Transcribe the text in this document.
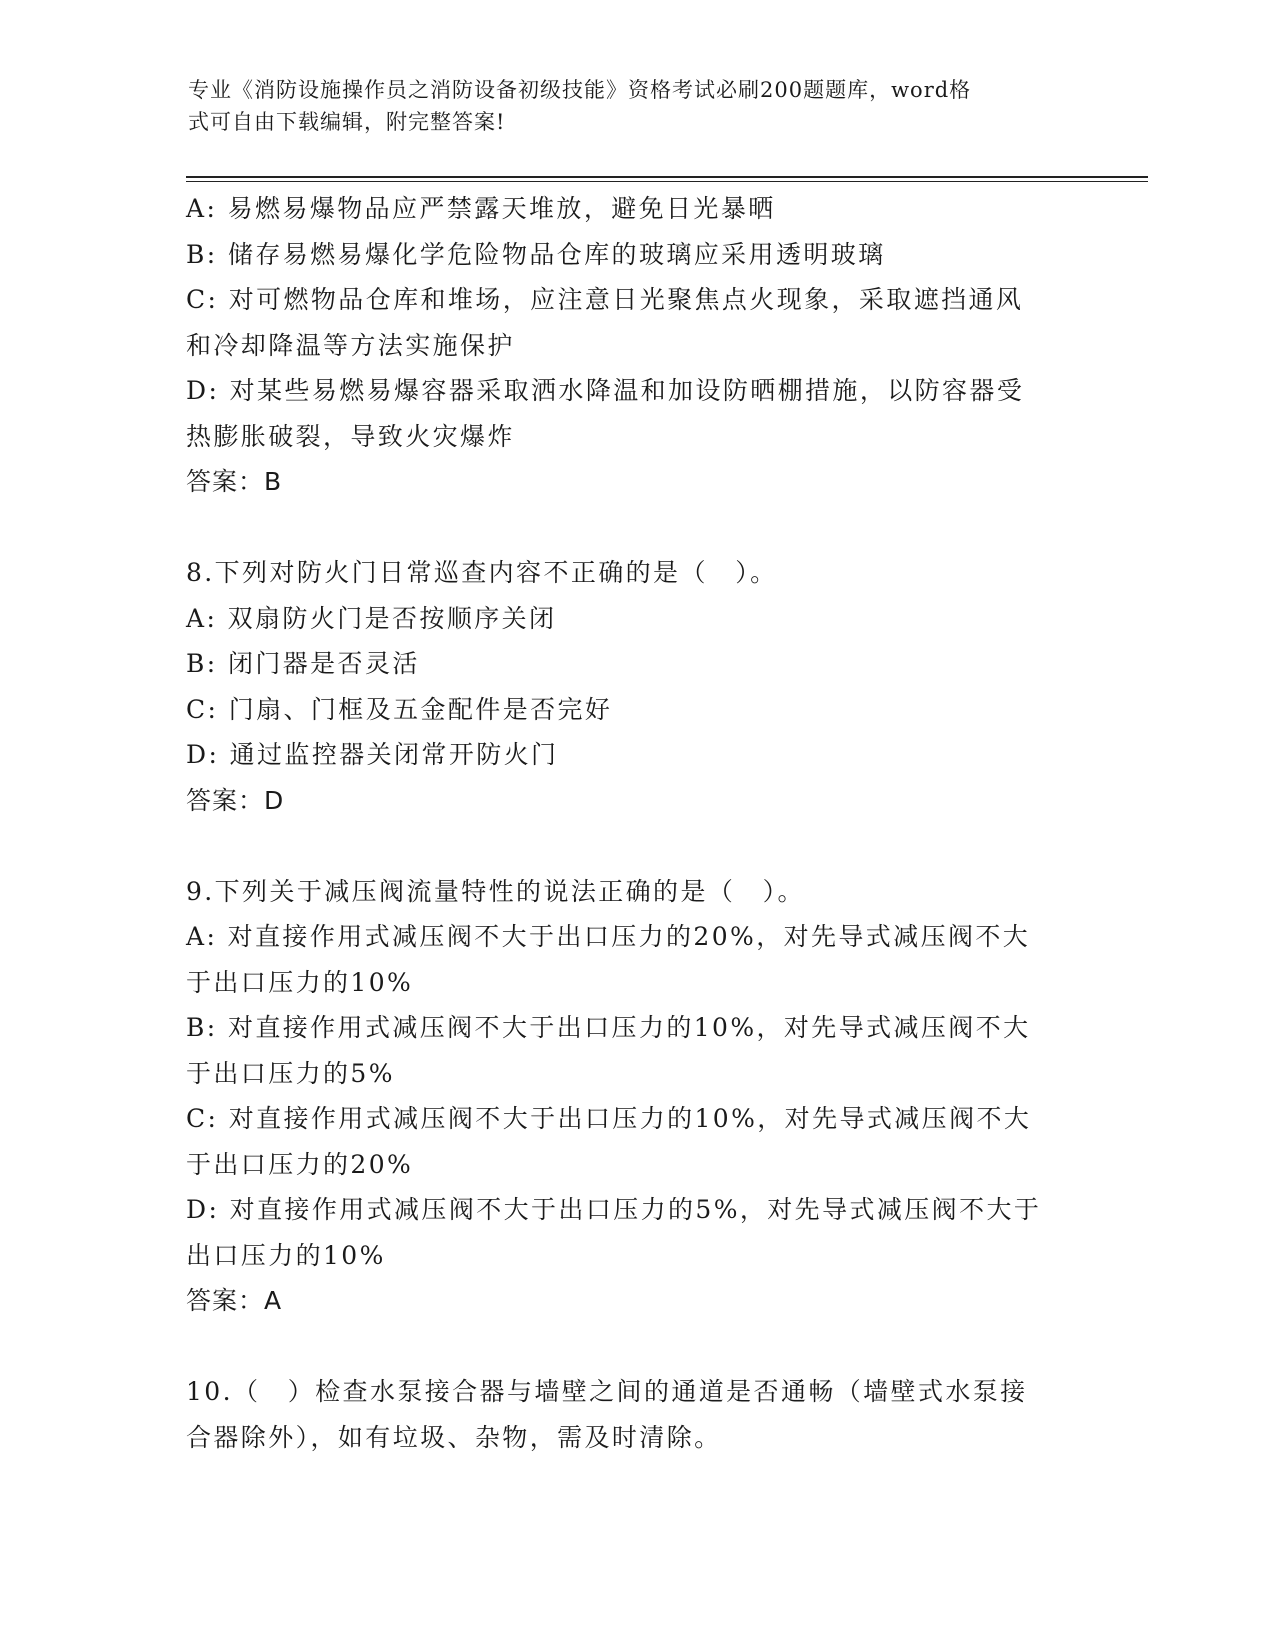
专业《消防设施操作员之消防设备初级技能》资格考试必刷200题题库，word格
式可自由下载编辑，附完整答案!
A: 易燃易爆物品应严禁露天堆放，避免日光暴晒
B: 储存易燃易爆化学危险物品仓库的玻璃应采用透明玻璃
C: 对可燃物品仓库和堆场，应注意日光聚焦点火现象，采取遮挡通风
和冷却降温等方法实施保护
D: 对某些易燃易爆容器采取洒水降温和加设防晒棚措施，以防容器受
热膨胀破裂，导致火灾爆炸
答案：B
8.下列对防火门日常巡查内容不正确的是（　）。
A: 双扇防火门是否按顺序关闭
B: 闭门器是否灵活
C: 门扇、门框及五金配件是否完好
D: 通过监控器关闭常开防火门
答案：D
9.下列关于减压阀流量特性的说法正确的是（　）。
A: 对直接作用式减压阀不大于出口压力的20%，对先导式减压阀不大
于出口压力的10%
B: 对直接作用式减压阀不大于出口压力的10%，对先导式减压阀不大
于出口压力的5%
C: 对直接作用式减压阀不大于出口压力的10%，对先导式减压阀不大
于出口压力的20%
D: 对直接作用式减压阀不大于出口压力的5%，对先导式减压阀不大于
出口压力的10%
答案：A
10.（　）检查水泵接合器与墙壁之间的通道是否通畅（墙壁式水泵接
合器除外），如有垃圾、杂物，需及时清除。
